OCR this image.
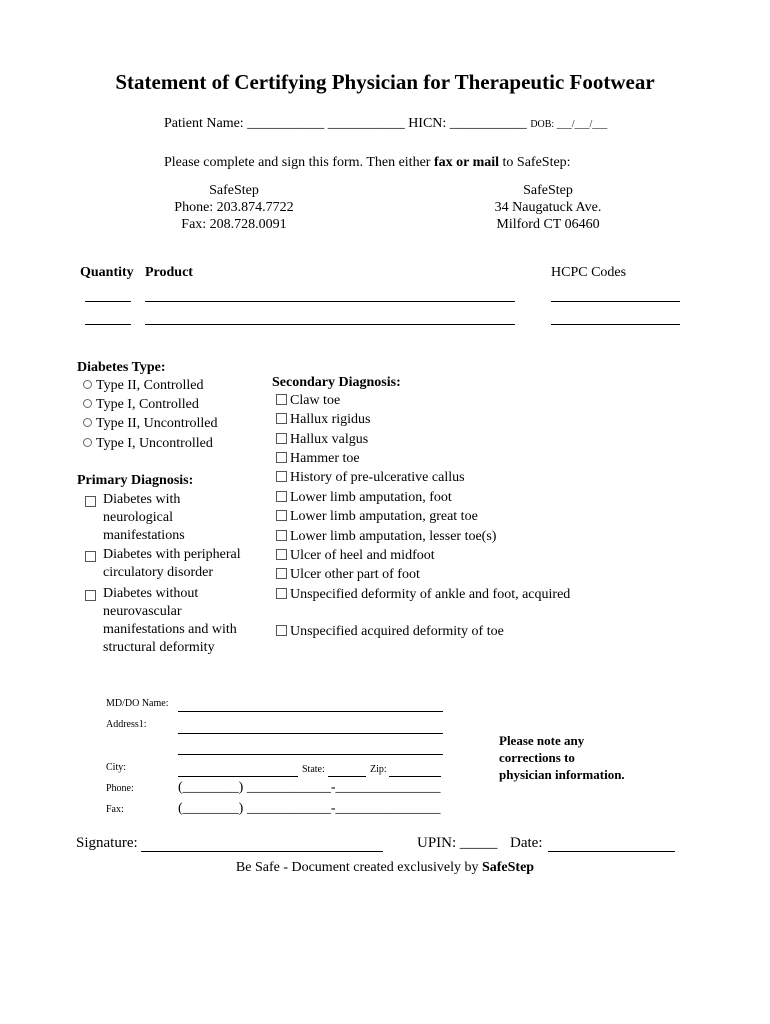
Statement of Certifying Physician for Therapeutic Footwear
Patient Name: ___________ ___________ HICN: ___________ DOB: ___/___/___
Please complete and sign this form. Then either fax or mail to SafeStep:
SafeStep
Phone: 203.874.7722
Fax: 208.728.0091
SafeStep
34 Naugatuck Ave.
Milford CT 06460
Quantity Product	HCPC Codes
Diabetes Type:
Type II, Controlled
Type I, Controlled
Type II, Uncontrolled
Type I, Uncontrolled
Primary Diagnosis:
Diabetes with neurological manifestations
Diabetes with peripheral circulatory disorder
Diabetes without neurovascular manifestations and with structural deformity
Secondary Diagnosis:
Claw toe
Hallux rigidus
Hallux valgus
Hammer toe
History of pre-ulcerative callus
Lower limb amputation, foot
Lower limb amputation, great toe
Lower limb amputation, lesser toe(s)
Ulcer of heel and midfoot
Ulcer other part of foot
Unspecified deformity of ankle and foot, acquired
Unspecified acquired deformity of toe
MD/DO Name:
Address1:
City:	State:	Zip:
Phone:	(________) ____________-_______________
Fax:	(________) ____________-_______________
Please note any
corrections to
physician information.
Signature:	UPIN: _____ Date:
Be Safe - Document created exclusively by SafeStep
